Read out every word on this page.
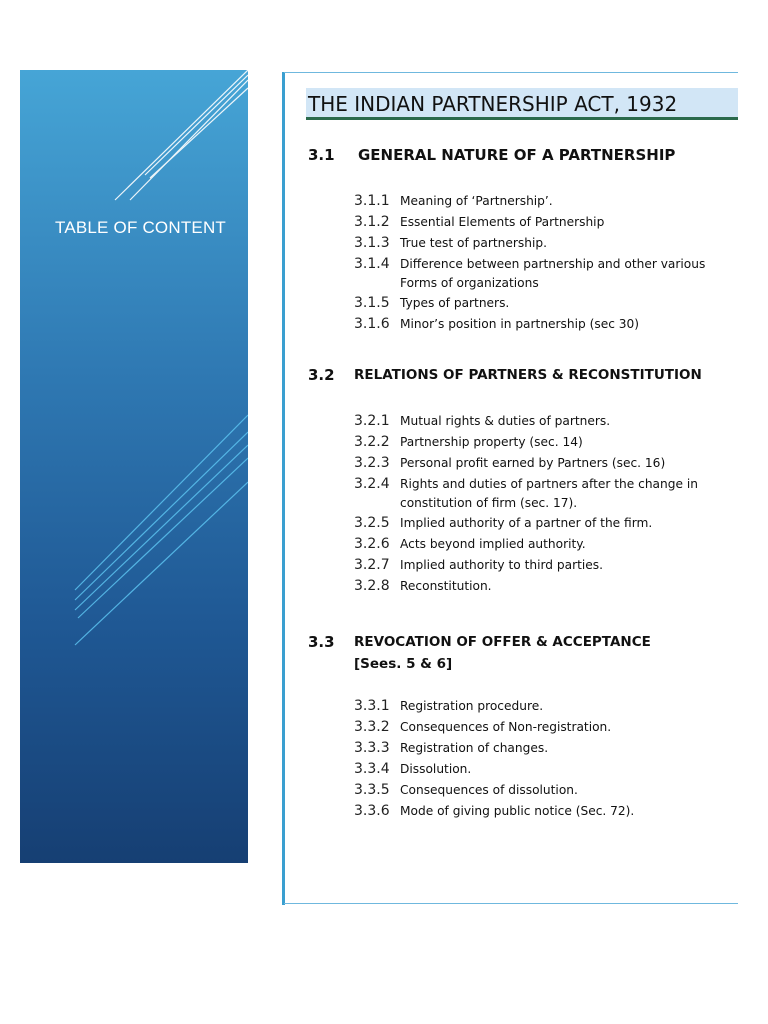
TABLE OF CONTENT
THE INDIAN PARTNERSHIP ACT, 1932
3.1 GENERAL NATURE OF A PARTNERSHIP
3.1.1 Meaning of ‘Partnership’.
3.1.2 Essential Elements of Partnership
3.1.3 True test of partnership.
3.1.4 Difference between partnership and other various Forms of organizations
3.1.5 Types of partners.
3.1.6 Minor’s position in partnership (sec 30)
3.2 RELATIONS OF PARTNERS & RECONSTITUTION
3.2.1 Mutual rights & duties of partners.
3.2.2 Partnership property (sec. 14)
3.2.3 Personal profit earned by Partners (sec. 16)
3.2.4 Rights and duties of partners after the change in constitution of firm (sec. 17).
3.2.5 Implied authority of a partner of the firm.
3.2.6 Acts beyond implied authority.
3.2.7 Implied authority to third parties.
3.2.8 Reconstitution.
3.3 REVOCATION OF OFFER & ACCEPTANCE
[Sees. 5 & 6]
3.3.1 Registration procedure.
3.3.2 Consequences of Non-registration.
3.3.3 Registration of changes.
3.3.4 Dissolution.
3.3.5 Consequences of dissolution.
3.3.6 Mode of giving public notice (Sec. 72).
